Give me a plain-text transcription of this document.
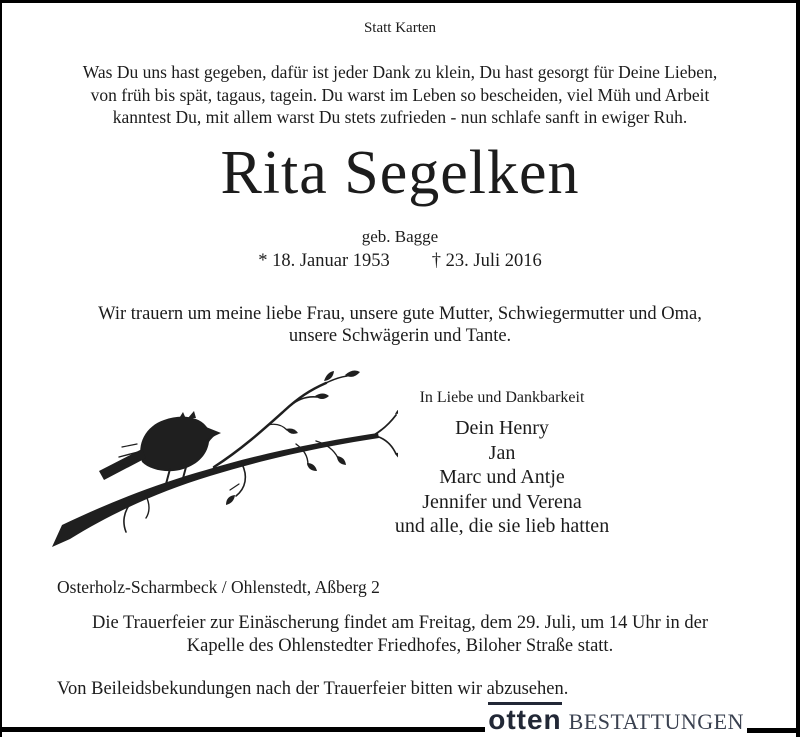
Statt Karten
Was Du uns hast gegeben, dafür ist jeder Dank zu klein, Du hast gesorgt für Deine Lieben,
von früh bis spät, tagaus, tagein. Du warst im Leben so bescheiden, viel Müh und Arbeit
kanntest Du, mit allem warst Du stets zufrieden - nun schlafe sanft in ewiger Ruh.
Rita Segelken
geb. Bagge
* 18. Januar 1953 † 23. Juli 2016
Wir trauern um meine liebe Frau, unsere gute Mutter, Schwiegermutter und Oma,
unsere Schwägerin und Tante.
In Liebe und Dankbarkeit
Dein Henry
Jan
Marc und Antje
Jennifer und Verena
und alle, die sie lieb hatten
Osterholz-Scharmbeck / Ohlenstedt, Aßberg 2
Die Trauerfeier zur Einäscherung findet am Freitag, dem 29. Juli, um 14 Uhr in der
Kapelle des Ohlenstedter Friedhofes, Biloher Straße statt.
Von Beileidsbekundungen nach der Trauerfeier bitten wir abzusehen.
otten BESTATTUNGEN
